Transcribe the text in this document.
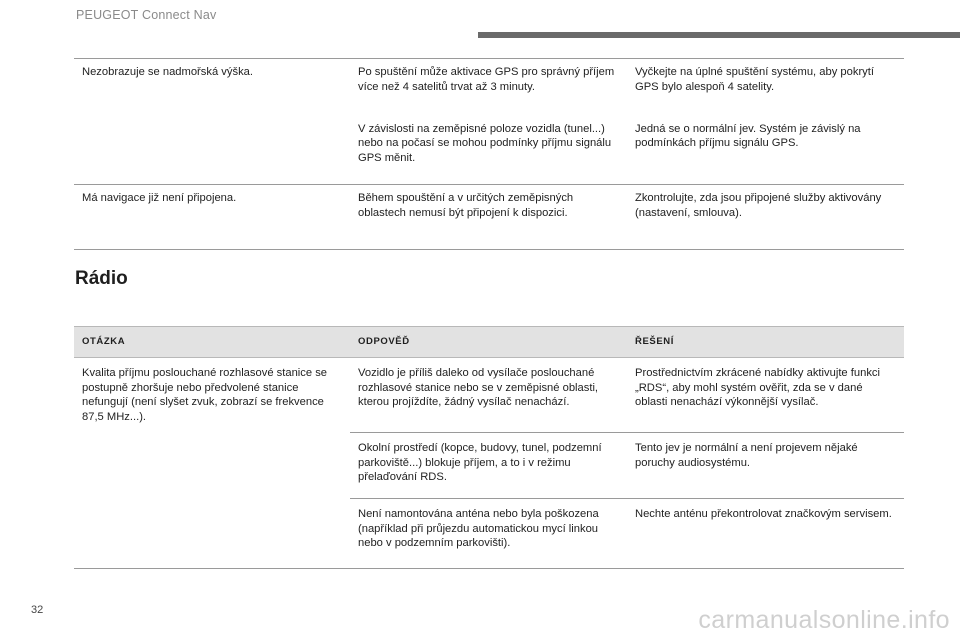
PEUGEOT Connect Nav
Nezobrazuje se nadmořská výška.	Po spuštění může aktivace GPS pro správný příjem více než 4 satelitů trvat až 3 minuty.	Vyčkejte na úplné spuštění systému, aby pokrytí GPS bylo alespoň 4 satelity.
	V závislosti na zeměpisné poloze vozidla (tunel...) nebo na počasí se mohou podmínky příjmu signálu GPS měnit.	Jedná se o normální jev. Systém je závislý na podmínkách příjmu signálu GPS.
Má navigace již není připojena.	Během spouštění a v určitých zeměpisných oblastech nemusí být připojení k dispozici.	Zkontrolujte, zda jsou připojené služby aktivovány (nastavení, smlouva).
Rádio
OTÁZKA	ODPOVĚĎ	ŘEŠENÍ
Kvalita příjmu poslouchané rozhlasové stanice se postupně zhoršuje nebo předvolené stanice nefungují (není slyšet zvuk, zobrazí se frekvence 87,5 MHz...).	Vozidlo je příliš daleko od vysílače poslouchané rozhlasové stanice nebo se v zeměpisné oblasti, kterou projíždíte, žádný vysílač nenachází.	Prostřednictvím zkrácené nabídky aktivujte funkci „RDS“, aby mohl systém ověřit, zda se v dané oblasti nenachází výkonnější vysílač.
	Okolní prostředí (kopce, budovy, tunel, podzemní parkoviště...) blokuje příjem, a to i v režimu přelaďování RDS.	Tento jev je normální a není projevem nějaké poruchy audiosystému.
	Není namontována anténa nebo byla poškozena (například při průjezdu automatickou mycí linkou nebo v podzemním parkovišti).	Nechte anténu překontrolovat značkovým servisem.
32	carmanualsonline.info
